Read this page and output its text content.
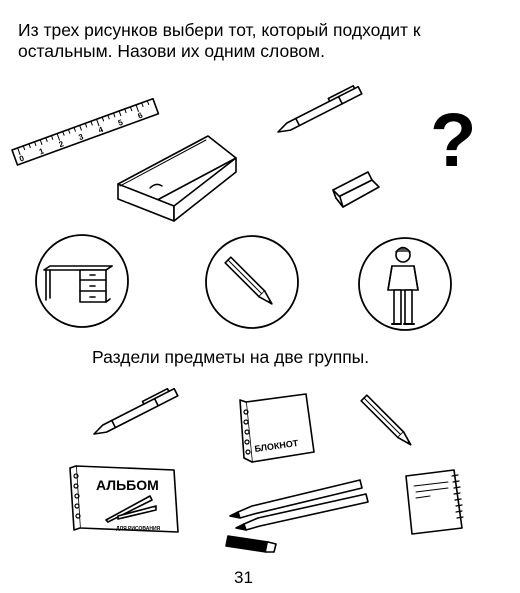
Из трех рисунков выбери тот, который подходит к
остальным. Назови их одним словом.
0
1
2
3
4
5
6	?
БЛОКНОТ
АЛЬБОМ
ДЛЯ РИСОВАНИЯ
Раздели предметы на две группы.
31
